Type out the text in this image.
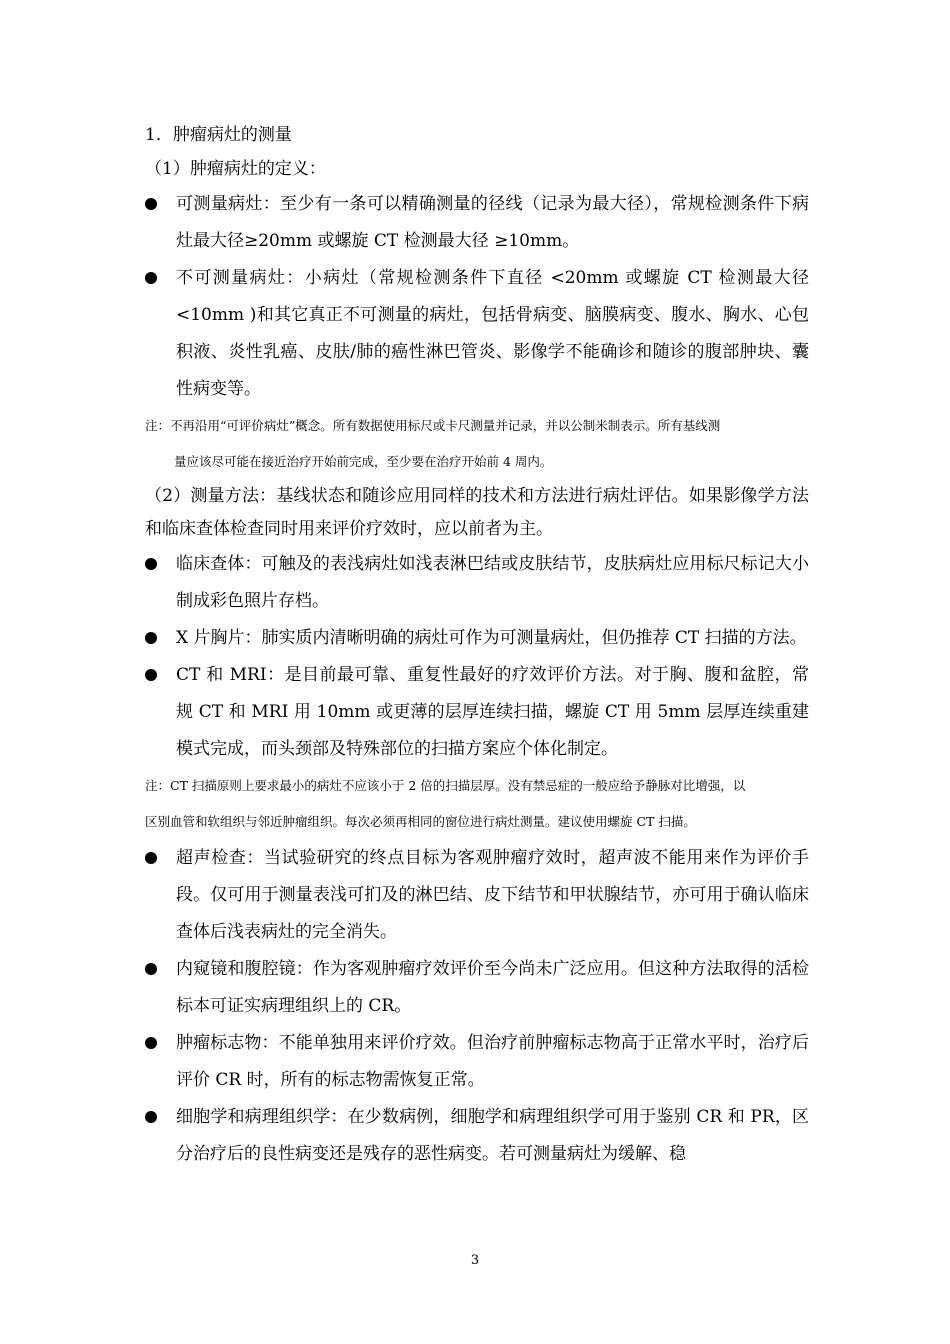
1．肿瘤病灶的测量
（1）肿瘤病灶的定义：
可测量病灶：至少有一条可以精确测量的径线（记录为最大径），常规检测条件下病灶最大径≥20mm 或螺旋 CT 检测最大径 ≥10mm。
不可测量病灶：小病灶（常规检测条件下直径 <20mm 或螺旋 CT 检测最大径 <10mm )和其它真正不可测量的病灶，包括骨病变、脑膜病变、腹水、胸水、心包积液、炎性乳癌、皮肤/肺的癌性淋巴管炎、影像学不能确诊和随诊的腹部肿块、囊性病变等。
注：不再沿用“可评价病灶”概念。所有数据使用标尺或卡尺测量并记录，并以公制米制表示。所有基线测
量应该尽可能在接近治疗开始前完成，至少要在治疗开始前 4 周内。
（2）测量方法：基线状态和随诊应用同样的技术和方法进行病灶评估。如果影像学方法和临床查体检查同时用来评价疗效时，应以前者为主。
临床查体：可触及的表浅病灶如浅表淋巴结或皮肤结节，皮肤病灶应用标尺标记大小制成彩色照片存档。
X 片胸片：肺实质内清晰明确的病灶可作为可测量病灶，但仍推荐 CT 扫描的方法。
CT 和 MRI：是目前最可靠、重复性最好的疗效评价方法。对于胸、腹和盆腔，常规 CT 和 MRI 用 10mm 或更薄的层厚连续扫描，螺旋 CT 用 5mm 层厚连续重建模式完成，而头颈部及特殊部位的扫描方案应个体化制定。
注：CT 扫描原则上要求最小的病灶不应该小于 2 倍的扫描层厚。没有禁忌症的一般应给予静脉对比增强，以
区别血管和软组织与邻近肿瘤组织。每次必须再相同的窗位进行病灶测量。建议使用螺旋 CT 扫描。
超声检查：当试验研究的终点目标为客观肿瘤疗效时，超声波不能用来作为评价手段。仅可用于测量表浅可扪及的淋巴结、皮下结节和甲状腺结节，亦可用于确认临床查体后浅表病灶的完全消失。
内窥镜和腹腔镜：作为客观肿瘤疗效评价至今尚未广泛应用。但这种方法取得的活检标本可证实病理组织上的 CR。
肿瘤标志物：不能单独用来评价疗效。但治疗前肿瘤标志物高于正常水平时，治疗后评价 CR 时，所有的标志物需恢复正常。
细胞学和病理组织学：在少数病例，细胞学和病理组织学可用于鉴别 CR 和 PR，区分治疗后的良性病变还是残存的恶性病变。若可测量病灶为缓解、稳
3
